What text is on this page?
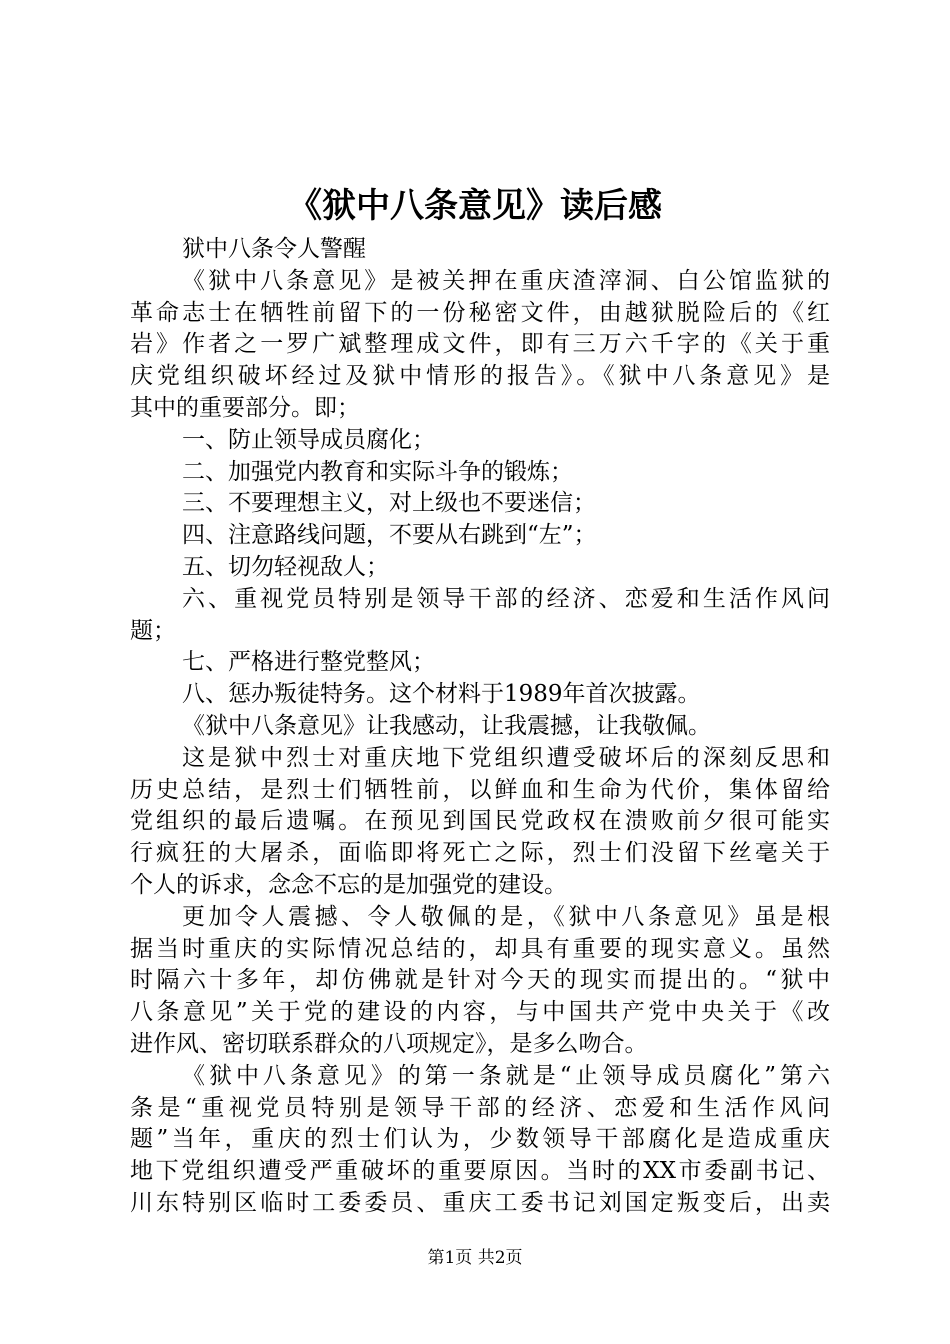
《狱中八条意见》读后感
狱中八条令人警醒
《狱中八条意见》是被关押在重庆渣滓洞、白公馆监狱的
革命志士在牺牲前留下的一份秘密文件，由越狱脱险后的《红
岩》作者之一罗广斌整理成文件，即有三万六千字的《关于重
庆党组织破坏经过及狱中情形的报告》。《狱中八条意见》是
其中的重要部分。即；
一、防止领导成员腐化；
二、加强党内教育和实际斗争的锻炼；
三、不要理想主义，对上级也不要迷信；
四、注意路线问题，不要从右跳到“左”；
五、切勿轻视敌人；
六、重视党员特别是领导干部的经济、恋爱和生活作风问
题；
七、严格进行整党整风；
八、惩办叛徒特务。这个材料于1989年首次披露。
《狱中八条意见》让我感动，让我震撼，让我敬佩。
这是狱中烈士对重庆地下党组织遭受破坏后的深刻反思和
历史总结，是烈士们牺牲前，以鲜血和生命为代价，集体留给
党组织的最后遗嘱。在预见到国民党政权在溃败前夕很可能实
行疯狂的大屠杀，面临即将死亡之际，烈士们没留下丝毫关于
个人的诉求，念念不忘的是加强党的建设。
更加令人震撼、令人敬佩的是，《狱中八条意见》虽是根
据当时重庆的实际情况总结的，却具有重要的现实意义。虽然
时隔六十多年，却仿佛就是针对今天的现实而提出的。“狱中
八条意见”关于党的建设的内容，与中国共产党中央关于《改
进作风、密切联系群众的八项规定》，是多么吻合。
《狱中八条意见》的第一条就是“止领导成员腐化”第六
条是“重视党员特别是领导干部的经济、恋爱和生活作风问
题”当年，重庆的烈士们认为，少数领导干部腐化是造成重庆
地下党组织遭受严重破坏的重要原因。当时的XX市委副书记、
川东特别区临时工委委员、重庆工委书记刘国定叛变后，出卖
第1页 共2页
